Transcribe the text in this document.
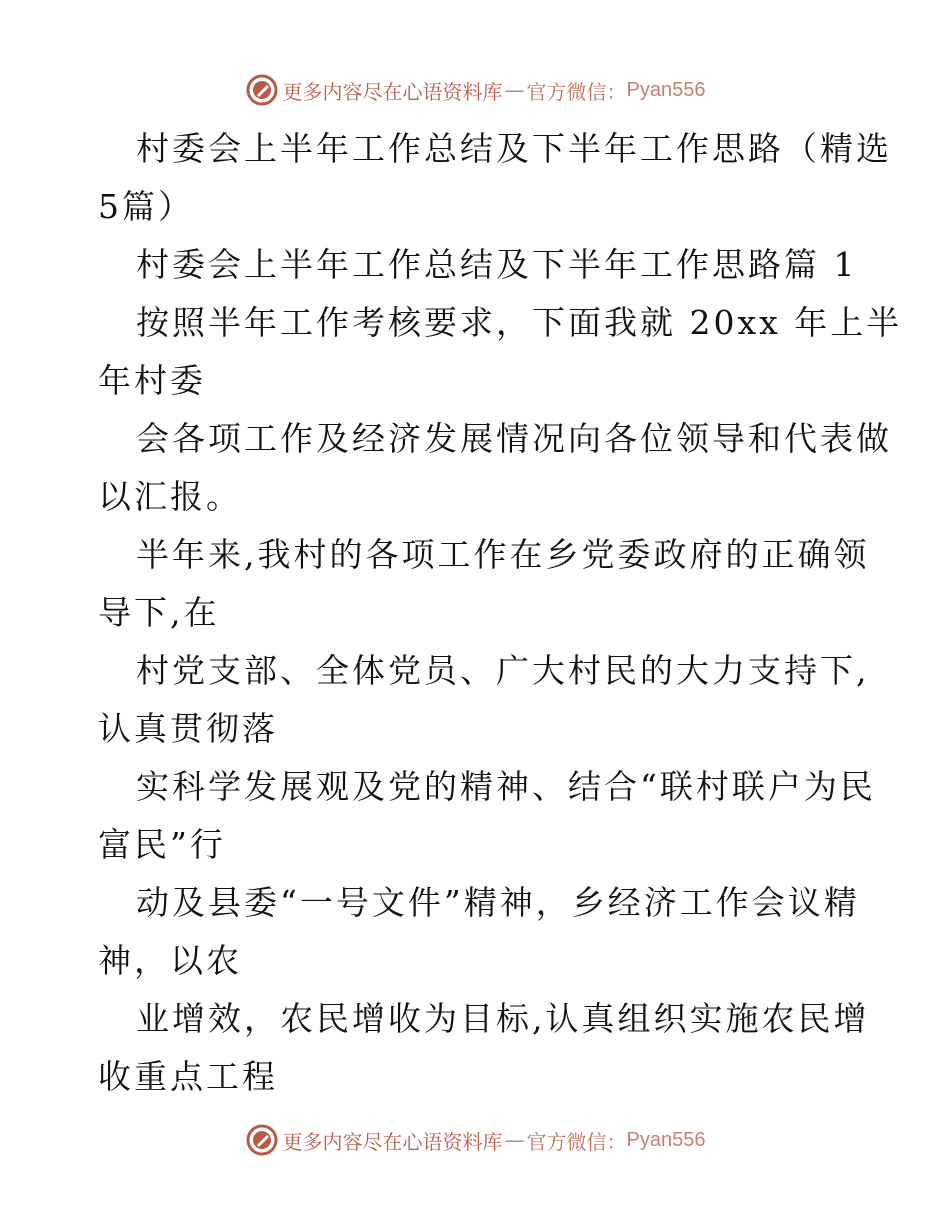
更多内容尽在心语资料库 — 官方微信： Pyan556
村委会上半年工作总结及下半年工作思路（精选
5篇）
村委会上半年工作总结及下半年工作思路篇 1
按照半年工作考核要求，下面我就 20xx 年上半
年村委
会各项工作及经济发展情况向各位领导和代表做
以汇报。
半年来,我村的各项工作在乡党委政府的正确领
导下,在
村党支部、全体党员、广大村民的大力支持下,
认真贯彻落
实科学发展观及党的精神、结合“联村联户为民
富民”行
动及县委“一号文件”精神，乡经济工作会议精
神，以农
业增效，农民增收为目标,认真组织实施农民增
收重点工程
更多内容尽在心语资料库 — 官方微信： Pyan556
